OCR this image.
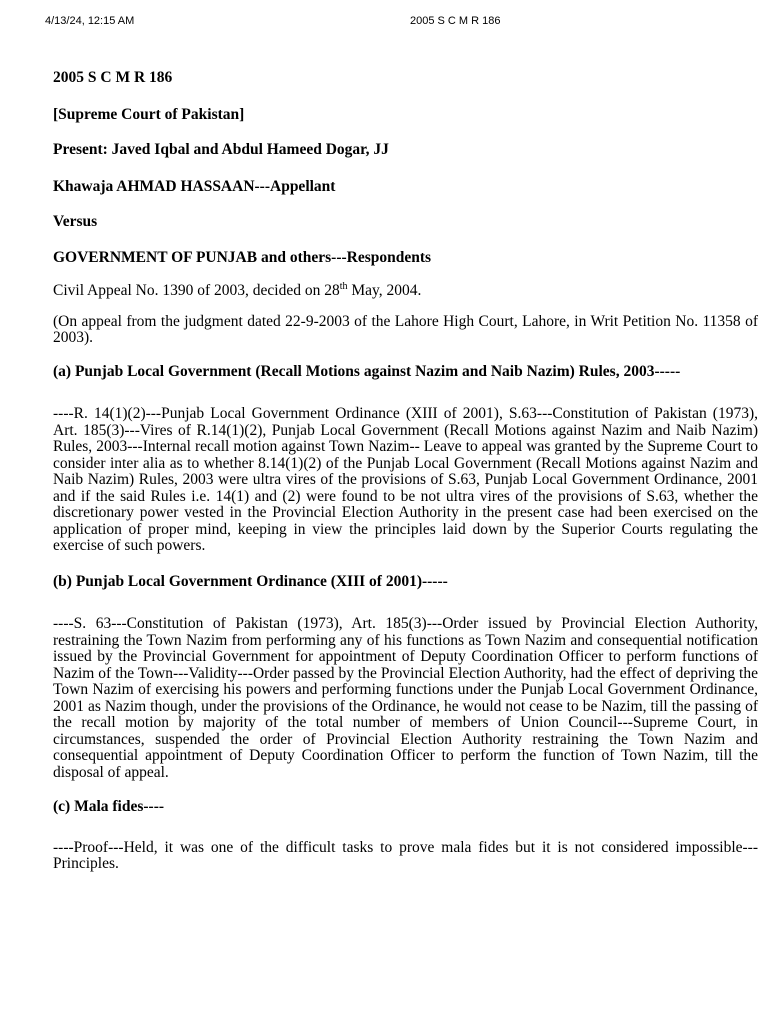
4/13/24, 12:15 AM	2005 S C M R 186

2005 S C M R 186

[Supreme Court of Pakistan]

Present: Javed Iqbal and Abdul Hameed Dogar, JJ

Khawaja AHMAD HASSAAN---Appellant

Versus

GOVERNMENT OF PUNJAB and others---Respondents

Civil Appeal No. 1390 of 2003, decided on 28th May, 2004.

(On appeal from the judgment dated 22-9-2003 of the Lahore High Court, Lahore, in Writ Petition No. 11358 of 2003).

(a) Punjab Local Government (Recall Motions against Nazim and Naib Nazim) Rules, 2003-----

----R. 14(1)(2)---Punjab Local Government Ordinance (XIII of 2001), S.63---Constitution of Pakistan (1973), Art. 185(3)---Vires of R.14(1)(2), Punjab Local Government (Recall Motions against Nazim and Naib Nazim) Rules, 2003---Internal recall motion against Town Nazim-- Leave to appeal was granted by the Supreme Court to consider inter alia as to whether 8.14(1)(2) of the Punjab Local Government (Recall Motions against Nazim and Naib Nazim) Rules, 2003 were ultra vires of the provisions of S.63, Punjab Local Government Ordinance, 2001 and if the said Rules i.e. 14(1) and (2) were found to be not ultra vires of the provisions of S.63, whether the discretionary power vested in the Provincial Election Authority in the present case had been exercised on the application of proper mind, keeping in view the principles laid down by the Superior Courts regulating the exercise of such powers.

(b) Punjab Local Government Ordinance (XIII of 2001)-----

----S. 63---Constitution of Pakistan (1973), Art. 185(3)---Order issued by Provincial Election Authority, restraining the Town Nazim from performing any of his functions as Town Nazim and consequential notification issued by the Provincial Government for appointment of Deputy Coordination Officer to perform functions of Nazim of the Town---Validity---Order passed by the Provincial Election Authority, had the effect of depriving the Town Nazim of exercising his powers and performing functions under the Punjab Local Government Ordinance, 2001 as Nazim though, under the provisions of the Ordinance, he would not cease to be Nazim, till the passing of the recall motion by majority of the total number of members of Union Council---Supreme Court, in circumstances, suspended the order of Provincial Election Authority restraining the Town Nazim and consequential appointment of Deputy Coordination Officer to perform the function of Town Nazim, till the disposal of appeal.

(c) Mala fides----

----Proof---Held, it was one of the difficult tasks to prove mala fides but it is not considered impossible---Principles.
